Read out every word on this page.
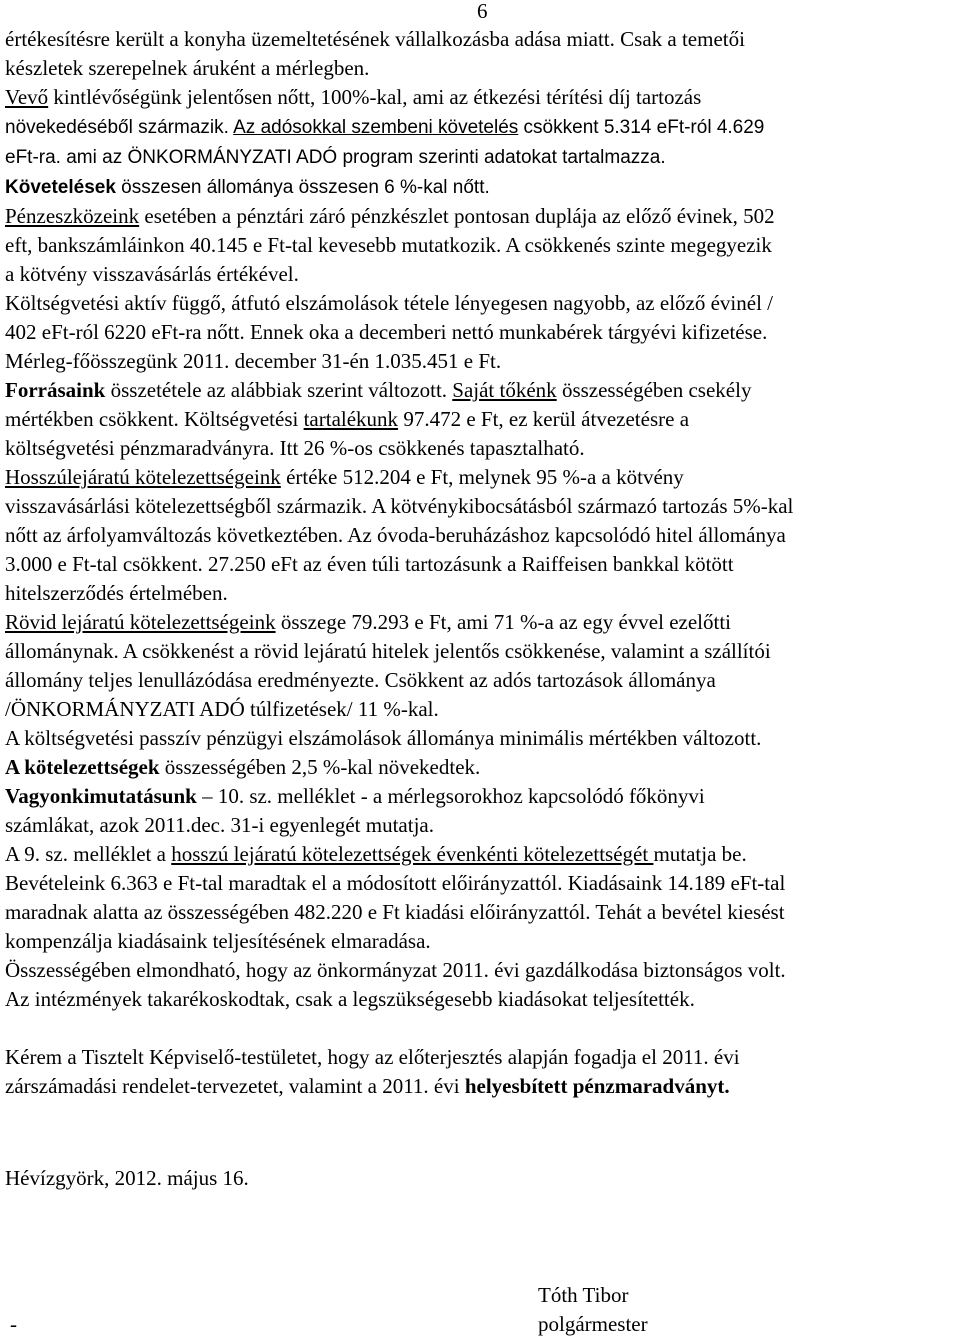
6
értékesítésre került a konyha üzemeltetésének vállalkozásba adása miatt. Csak a temetői
készletek szerepelnek áruként a mérlegben.
Vevő kintlévőségünk jelentősen nőtt, 100%-kal, ami az étkezési térítési díj tartozás
növekedéséből származik. Az adósokkal szembeni követelés csökkent 5.314 eFt-ról 4.629
eFt-ra. ami az ÖNKORMÁNYZATI ADÓ program szerinti adatokat tartalmazza.
Követelések összesen állománya összesen 6 %-kal nőtt.
Pénzeszközeink esetében a pénztári záró pénzkészlet pontosan duplája az előző évinek, 502
eft, bankszámláinkon 40.145 e Ft-tal kevesebb mutatkozik. A csökkenés szinte megegyezik
a kötvény visszavásárlás értékével.
Költségvetési aktív függő, átfutó elszámolások tétele lényegesen nagyobb, az előző évinél /
402 eFt-ról 6220 eFt-ra nőtt. Ennek oka a decemberi nettó munkabérek tárgyévi kifizetése.
Mérleg-főösszegünk 2011. december 31-én 1.035.451 e Ft.
Forrásaink összetétele az alábbiak szerint változott. Saját tőkénk összességében csekély
mértékben csökkent. Költségvetési tartalékunk 97.472 e Ft, ez kerül átvezetésre a
költségvetési pénzmaradványra. Itt 26 %-os csökkenés tapasztalható.
Hosszúlejáratú kötelezettségeink értéke 512.204 e Ft, melynek 95 %-a a kötvény
visszavásárlási kötelezettségből származik. A kötvénykibocsátásból származó tartozás 5%-kal
nőtt az árfolyamváltozás következtében. Az óvoda-beruházáshoz kapcsolódó hitel állománya
3.000 e Ft-tal csökkent. 27.250 eFt az éven túli tartozásunk a Raiffeisen bankkal kötött
hitelszerződés értelmében.
Rövid lejáratú kötelezettségeink összege 79.293 e Ft, ami 71 %-a az egy évvel ezelőtti
állománynak. A csökkenést a rövid lejáratú hitelek jelentős csökkenése, valamint a szállítói
állomány teljes lenullázódása eredményezte. Csökkent az adós tartozások állománya
/ÖNKORMÁNYZATI ADÓ túlfizetések/ 11 %-kal.
A költségvetési passzív pénzügyi elszámolások állománya minimális mértékben változott.
A kötelezettségek összességében 2,5 %-kal növekedtek.
Vagyonkimutatásunk – 10. sz. melléklet - a mérlegsorokhoz kapcsolódó főkönyvi
számlákat, azok 2011.dec. 31-i egyenlegét mutatja.
A 9. sz. melléklet a hosszú lejáratú kötelezettségek évenkénti kötelezettségét mutatja be.
Bevételeink 6.363 e Ft-tal maradtak el a módosított előirányzattól. Kiadásaink 14.189 eFt-tal
maradnak alatta az összességében 482.220 e Ft kiadási előirányzattól. Tehát a bevétel kiesést
kompenzálja kiadásaink teljesítésének elmaradása.
Összességében elmondható, hogy az önkormányzat 2011. évi gazdálkodása biztonságos volt.
Az intézmények takarékoskodtak, csak a legszükségesebb kiadásokat teljesítették.
Kérem a Tisztelt Képviselő-testületet, hogy az előterjesztés alapján fogadja el 2011. évi
zárszámadási rendelet-tervezetet, valamint a 2011. évi helyesbített pénzmaradványt.
Hévízgyörk, 2012. május 16.
-
Tóth Tibor
polgármester
